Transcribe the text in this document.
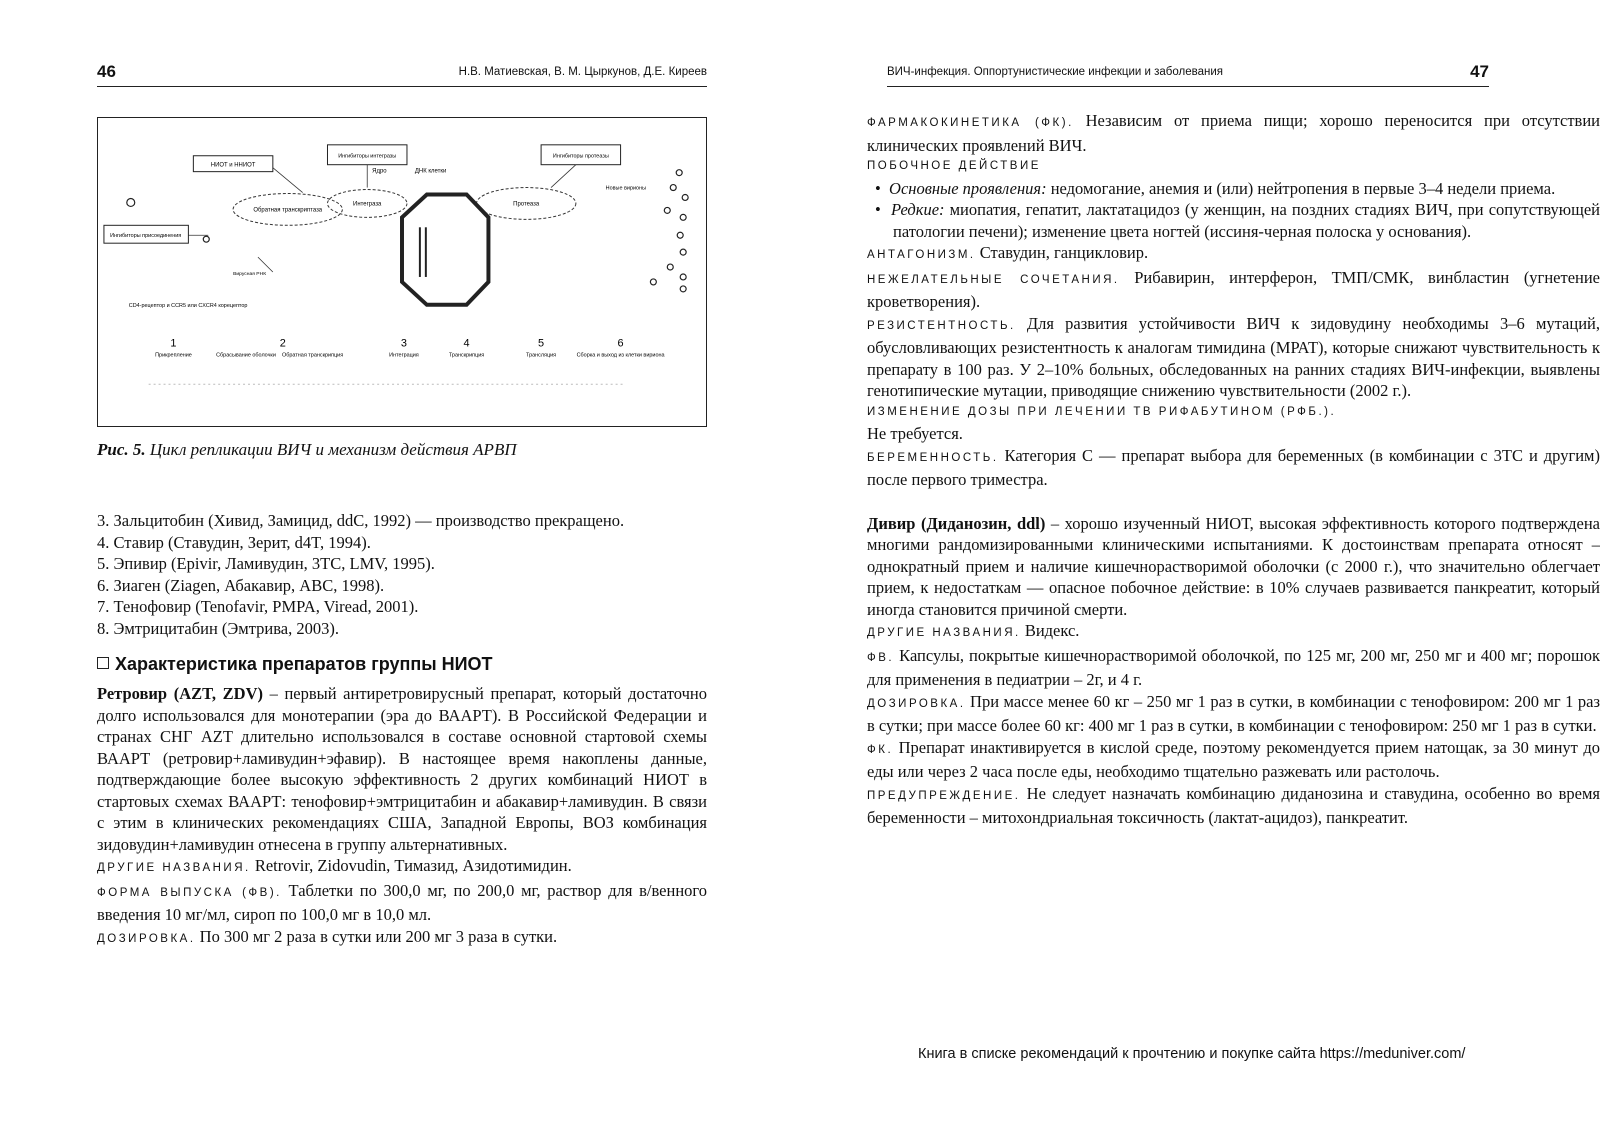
46	Н.В. Матиевская, В. М. Цыркунов, Д.Е. Киреев
НИОТ и ННИОТ
Ингибиторы присоединения
Ингибиторы интегразы	Ингибиторы протеазы
Обратная транскриптаза
Интеграза	Протеаза
Ядро	ДНК клетки
Новые вирионы
Вирусная РНК
CD4-рецептор и CCR5 или CXCR4 корецептор
1
Прикрепление
2
Сбрасывание оболочки Обратная транскрипция
3
Интеграция
4
Транскрипция
5
Трансляция
6
Сборка и выход из клетки вириона
Рис. 5. Цикл репликации ВИЧ и механизм действия АРВП
3. Зальцитобин (Хивид, Замицид, ddC, 1992) — производство прекращено.
4. Ставир (Ставудин, Зерит, d4T, 1994).
5. Эпивир (Epivir, Ламивудин, 3TC, LMV, 1995).
6. Зиаген (Ziagen, Абакавир, ABC, 1998).
7. Тенофовир (Tenofavir, PMPA, Viread, 2001).
8. Эмтрицитабин (Эмтрива, 2003).
Характеристика препаратов группы НИОТ
Ретровир (AZT, ZDV) – первый антиретровирусный препарат, который достаточно долго использовался для монотерапии (эра до ВААРТ). В Российской Федерации и странах СНГ AZT длительно использовался в составе основной стартовой схемы ВААРТ (ретровир+ламивудин+эфавир). В настоящее время накоплены данные, подтверждающие более высокую эффективность 2 других комбинаций НИОТ в стартовых схемах ВААРТ: тенофовир+эмтрицитабин и абакавир+ламивудин. В связи с этим в клинических рекомендациях США, Западной Европы, ВОЗ комбинация зидовудин+ламивудин отнесена в группу альтернативных.
ДРУГИЕ НАЗВАНИЯ. Retrovir, Zidovudin, Тимазид, Азидотимидин.
ФОРМА ВЫПУСКА (ФВ). Таблетки по 300,0 мг, по 200,0 мг, раствор для в/венного введения 10 мг/мл, сироп по 100,0 мг в 10,0 мл.
ДОЗИРОВКА. По 300 мг 2 раза в сутки или 200 мг 3 раза в сутки.
ВИЧ-инфекция. Оппортунистические инфекции и заболевания	47
ФАРМАКОКИНЕТИКА (ФК). Независим от приема пищи; хорошо переносится при отсутствии клинических проявлений ВИЧ.
ПОБОЧНОЕ ДЕЙСТВИЕ
•  Основные проявления: недомогание, анемия и (или) нейтропения в первые 3–4 недели приема.
•  Редкие: миопатия, гепатит, лактатацидоз (у женщин, на поздних стадиях ВИЧ, при сопутствующей патологии печени); изменение цвета ногтей (иссиня-черная полоска у основания).
АНТАГОНИЗМ. Ставудин, ганцикловир.
НЕЖЕЛАТЕЛЬНЫЕ СОЧЕТАНИЯ. Рибавирин, интерферон, ТМП/СМК, винбластин (угнетение кроветворения).
РЕЗИСТЕНТНОСТЬ. Для развития устойчивости ВИЧ к зидовудину необходимы 3–6 мутаций, обусловливающих резистентность к аналогам тимидина (МРАТ), которые снижают чувствительность к препарату в 100 раз. У 2–10% больных, обследованных на ранних стадиях ВИЧ-инфекции, выявлены генотипические мутации, приводящие снижению чувствительности (2002 г.).
ИЗМЕНЕНИЕ ДОЗЫ ПРИ ЛЕЧЕНИИ ТВ РИФАБУТИНОМ (РФБ.).
Не требуется.
БЕРЕМЕННОСТЬ. Категория С — препарат выбора для беременных (в комбинации с 3ТС и другим) после первого триместра.
Дивир (Диданозин, ddl) – хорошо изученный НИОТ, высокая эффективность которого подтверждена многими рандомизированными клиническими испытаниями. К достоинствам препарата относят – однократный прием и наличие кишечнорастворимой оболочки (с 2000 г.), что значительно облегчает прием, к недостаткам — опасное побочное действие: в 10% случаев развивается панкреатит, который иногда становится причиной смерти.
ДРУГИЕ НАЗВАНИЯ. Видекс.
ФВ. Капсулы, покрытые кишечнорастворимой оболочкой, по 125 мг, 200 мг, 250 мг и 400 мг; порошок для применения в педиатрии – 2г, и 4 г.
ДОЗИРОВКА. При массе менее 60 кг – 250 мг 1 раз в сутки, в комбинации с тенофовиром: 200 мг 1 раз в сутки; при массе более 60 кг: 400 мг 1 раз в сутки, в комбинации с тенофовиром: 250 мг 1 раз в сутки.
ФК. Препарат инактивируется в кислой среде, поэтому рекомендуется прием натощак, за 30 минут до еды или через 2 часа после еды, необходимо тщательно разжевать или растолочь.
ПРЕДУПРЕЖДЕНИЕ. Не следует назначать комбинацию диданозина и ставудина, особенно во время беременности – митохондриальная токсичность (лактат-ацидоз), панкреатит.
Книга в списке рекомендаций к прочтению и покупке сайта https://meduniver.com/
